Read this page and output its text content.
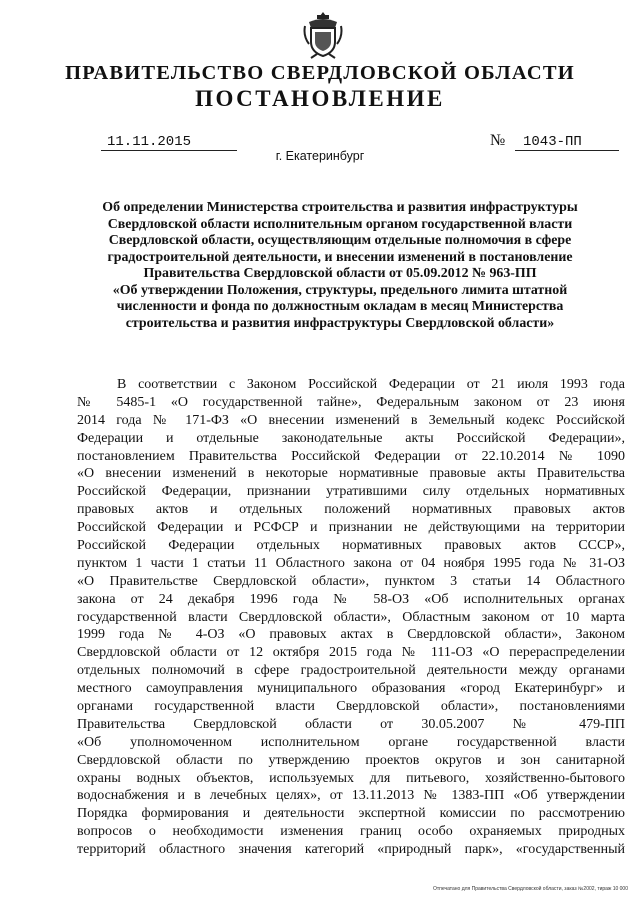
ПРАВИТЕЛЬСТВО СВЕРДЛОВСКОЙ ОБЛАСТИ
ПОСТАНОВЛЕНИЕ
11.11.2015	№	1043-ПП
г. Екатеринбург
Об определении Министерства строительства и развития инфраструктуры
Свердловской области исполнительным органом государственной власти
Свердловской области, осуществляющим отдельные полномочия в сфере
градостроительной деятельности, и внесении изменений в постановление
Правительства Свердловской области от 05.09.2012 № 963-ПП
«Об утверждении Положения, структуры, предельного лимита штатной
численности и фонда по должностным окладам в месяц Министерства
строительства и развития инфраструктуры Свердловской области»
В соответствии с Законом Российской Федерации от 21 июля 1993 года
№ 5485-1 «О государственной тайне», Федеральным законом от 23 июня
2014 года № 171-ФЗ «О внесении изменений в Земельный кодекс Российской
Федерации и отдельные законодательные акты Российской Федерации»,
постановлением Правительства Российской Федерации от 22.10.2014 № 1090
«О внесении изменений в некоторые нормативные правовые акты Правительства
Российской Федерации, признании утратившими силу отдельных нормативных
правовых актов и отдельных положений нормативных правовых актов
Российской Федерации и РСФСР и признании не действующими на территории
Российской Федерации отдельных нормативных правовых актов СССР»,
пунктом 1 части 1 статьи 11 Областного закона от 04 ноября 1995 года № 31-ОЗ
«О Правительстве Свердловской области», пунктом 3 статьи 14 Областного
закона от 24 декабря 1996 года № 58-ОЗ «Об исполнительных органах
государственной власти Свердловской области», Областным законом от 10 марта
1999 года № 4-ОЗ «О правовых актах в Свердловской области», Законом
Свердловской области от 12 октября 2015 года № 111-ОЗ «О перераспределении
отдельных полномочий в сфере градостроительной деятельности между органами
местного самоуправления муниципального образования «город Екатеринбург» и
органами государственной власти Свердловской области», постановлениями
Правительства Свердловской области от 30.05.2007 № 479-ПП
«Об уполномоченном исполнительном органе государственной власти
Свердловской области по утверждению проектов округов и зон санитарной
охраны водных объектов, используемых для питьевого, хозяйственно-бытового
водоснабжения и в лечебных целях», от 13.11.2013 № 1383-ПП «Об утверждении
Порядка формирования и деятельности экспертной комиссии по рассмотрению
вопросов о необходимости изменения границ особо охраняемых природных
территорий областного значения категорий «природный парк», «государственный
Отпечатано для Правительства Свердловской области, заказ №2002, тираж 10 000
